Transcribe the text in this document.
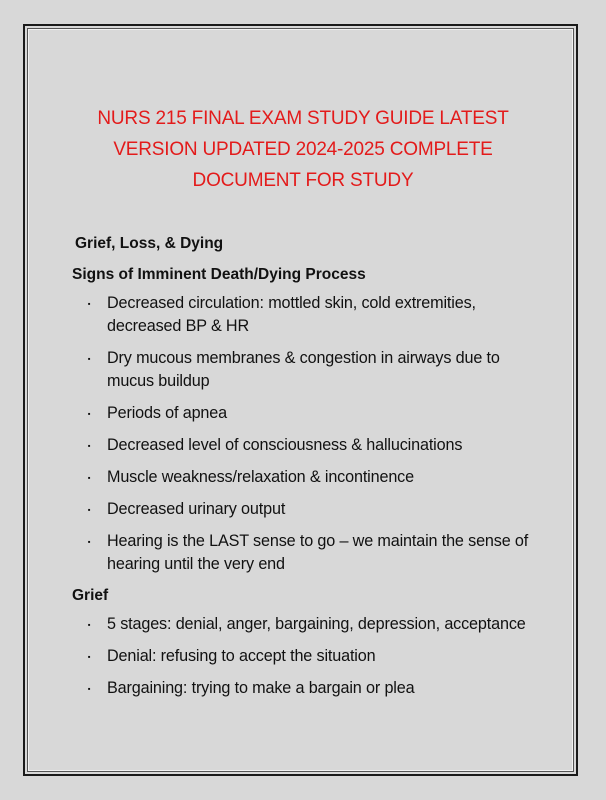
NURS 215 FINAL EXAM STUDY GUIDE LATEST
VERSION UPDATED 2024-2025 COMPLETE
DOCUMENT FOR STUDY
Grief, Loss, & Dying
Signs of Imminent Death/Dying Process
■
Decreased circulation: mottled skin, cold extremities, decreased BP & HR
■
Dry mucous membranes & congestion in airways due to mucus buildup
■
Periods of apnea
■
Decreased level of consciousness & hallucinations
■
Muscle weakness/relaxation & incontinence
■
Decreased urinary output
■
Hearing is the LAST sense to go – we maintain the sense of hearing until the very end
Grief
■
5 stages: denial, anger, bargaining, depression, acceptance
■
Denial: refusing to accept the situation
■
Bargaining: trying to make a bargain or plea
